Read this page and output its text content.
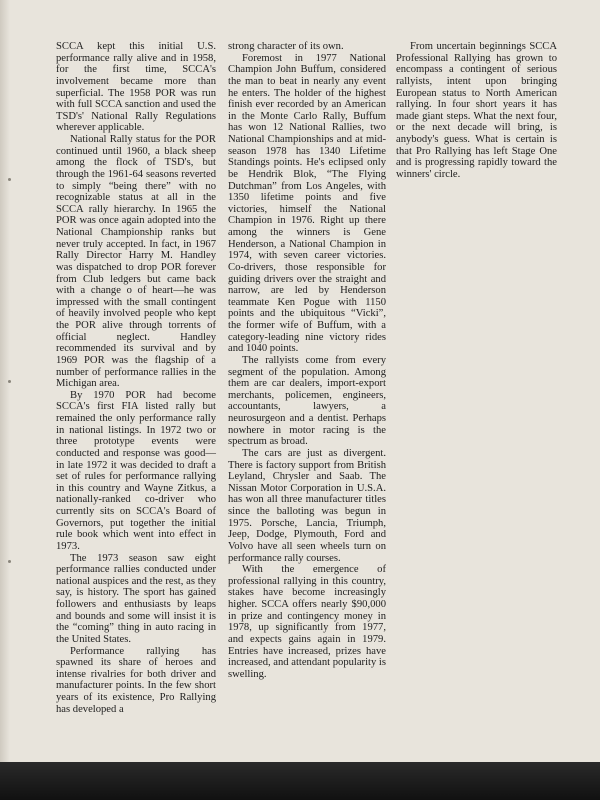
SCCA kept this initial U.S. performance rally alive and in 1958, for the first time, SCCA's involvement became more than superficial. The 1958 POR was run with full SCCA sanction and used the TSD's' National Rally Regulations wherever applicable.

National Rally status for the POR continued until 1960, a black sheep among the flock of TSD's, but through the 1961-64 seasons reverted to simply “being there” with no recognizable status at all in the SCCA rally hierarchy. In 1965 the POR was once again adopted into the National Championship ranks but never truly accepted. In fact, in 1967 Rally Director Harry M. Handley was dispatched to drop POR forever from Club ledgers but came back with a change o of heart—he was impressed with the small contingent of heavily involved people who kept the POR alive through torrents of official neglect. Handley recommended its survival and by 1969 POR was the flagship of a number of performance rallies in the Michigan area.

By 1970 POR had become SCCA's first FIA listed rally but remained the only performance rally in national listings. In 1972 two or three prototype events were conducted and response was good—in late 1972 it was decided to draft a set of rules for performance rallying in this country and Wayne Zitkus, a nationally-ranked co-driver who currently sits on SCCA's Board of Governors, put together the initial rule book which went into effect in 1973.

The 1973 season saw eight performance rallies conducted under national auspices and the rest, as they say, is history. The sport has gained followers and enthusiasts by leaps and bounds and some will insist it is the “coming” thing in auto racing in the United States.

Performance rallying has spawned its share of heroes and intense rivalries for both driver and manufacturer points. In the few short years of its existence, Pro Rallying has developed a

strong character of its own.

Foremost in 1977 National Champion John Buffum, considered the man to beat in nearly any event he enters. The holder of the highest finish ever recorded by an American in the Monte Carlo Rally, Buffum has won 12 National Rallies, two National Championships and at mid-season 1978 has 1340 Lifetime Standings points. He's eclipsed only be Hendrik Blok, “The Flying Dutchman” from Los Angeles, with 1350 lifetime points and five victories, himself the National Champion in 1976. Right up there among the winners is Gene Henderson, a National Champion in 1974, with seven career victories. Co-drivers, those responsible for guiding drivers over the straight and narrow, are led by Henderson teammate Ken Pogue with 1150 points and the ubiquitous “Vicki”, the former wife of Buffum, with a category-leading nine victory rides and 1040 points.

The rallyists come from every segment of the population. Among them are car dealers, import-export merchants, policemen, engineers, accountants, lawyers, a neurosurgeon and a dentist. Perhaps nowhere in motor racing is the spectrum as broad.

The cars are just as divergent. There is factory support from British Leyland, Chrysler and Saab. The Nissan Motor Corporation in U.S.A. has won all three manufacturer titles since the balloting was begun in 1975. Porsche, Lancia, Triumph, Jeep, Dodge, Plymouth, Ford and Volvo have all seen wheels turn on performance rally courses.

With the emergence of professional rallying in this country, stakes have become increasingly higher. SCCA offers nearly $90,000 in prize and contingency money in 1978, up significantly from 1977, and expects gains again in 1979. Entries have increased, prizes have increased, and attendant popularity is swelling.

From uncertain beginnings SCCA Professional Rallying has grown to encompass a contingent of serious rallyists, intent upon bringing European status to North American rallying. In four short years it has made giant steps. What the next four, or the next decade will bring, is anybody's guess. What is certain is that Pro Rallying has left Stage One and is progressing rapidly toward the winners' circle.
